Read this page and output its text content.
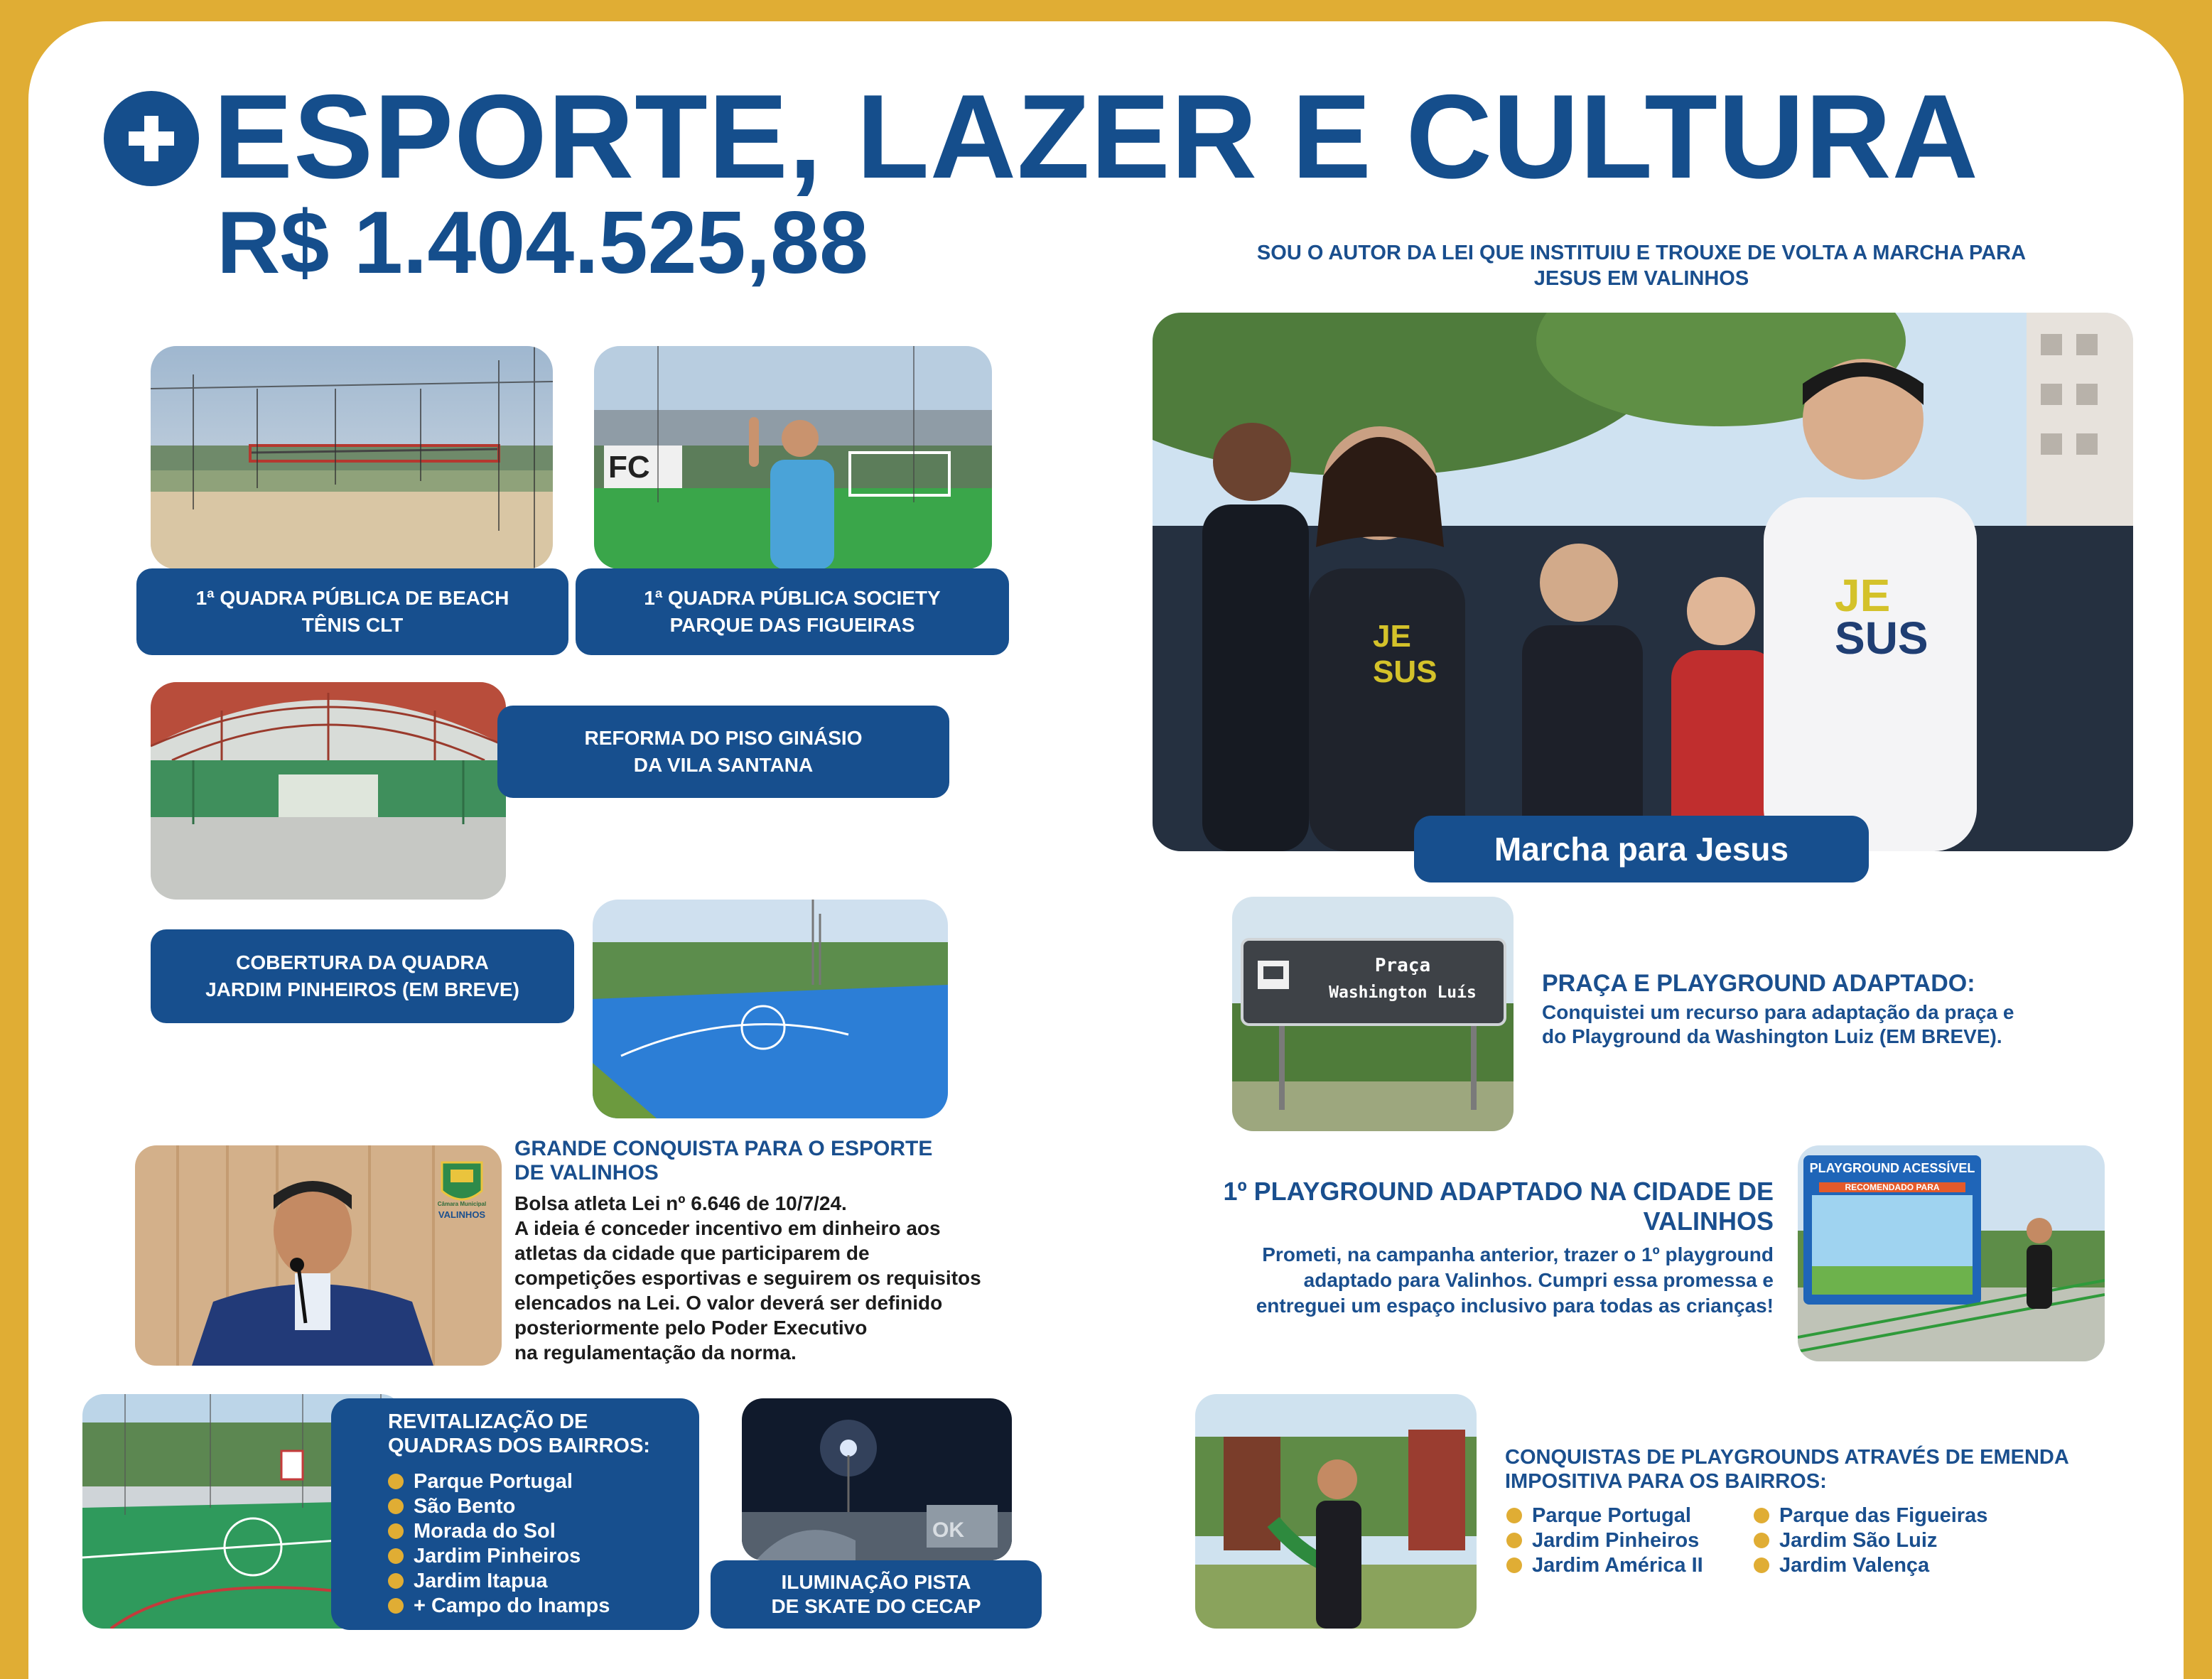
ESPORTE, LAZER E CULTURA
R$ 1.404.525,88
1ª QUADRA PÚBLICA DE BEACH
TÊNIS CLT
FC
1ª QUADRA PÚBLICA SOCIETY
PARQUE DAS FIGUEIRAS
REFORMA DO PISO GINÁSIO
DA VILA SANTANA
COBERTURA DA QUADRA
JARDIM PINHEIROS (EM BREVE)
Câmara Municipal
VALINHOS
GRANDE CONQUISTA PARA O ESPORTE
DE VALINHOS
Bolsa atleta Lei nº 6.646 de 10/7/24.
A ideia é conceder incentivo em dinheiro aos
atletas da cidade que participarem de
competições esportivas e seguirem os requisitos
elencados na Lei. O valor deverá ser definido
posteriormente pelo Poder Executivo
na regulamentação da norma.
REVITALIZAÇÃO DE
QUADRAS DOS BAIRROS:
Parque Portugal
São Bento
Morada do Sol
Jardim Pinheiros
Jardim Itapua
+ Campo do Inamps
OK
ILUMINAÇÃO PISTA
DE SKATE DO CECAP
SOU O AUTOR DA LEI QUE INSTITUIU E TROUXE DE VOLTA A MARCHA PARA
JESUS EM VALINHOS
JE
SUS
JE
SUS
Marcha para Jesus
Praça
Washington Luís	PRAÇA E PLAYGROUND ADAPTADO:
Conquistei um recurso para adaptação da praça e
do Playground da Washington Luiz (EM BREVE).
1º PLAYGROUND ADAPTADO NA CIDADE DE
VALINHOS
Prometi, na campanha anterior, trazer o 1º playground
adaptado para Valinhos. Cumpri essa promessa e
entreguei um espaço inclusivo para todas as crianças!
PLAYGROUND ACESSÍVEL
RECOMENDADO PARA
CONQUISTAS DE PLAYGROUNDS ATRAVÉS DE EMENDA
IMPOSITIVA PARA OS BAIRROS:
Parque Portugal
Jardim Pinheiros
Jardim América II
Parque das Figueiras
Jardim São Luiz
Jardim Valença
